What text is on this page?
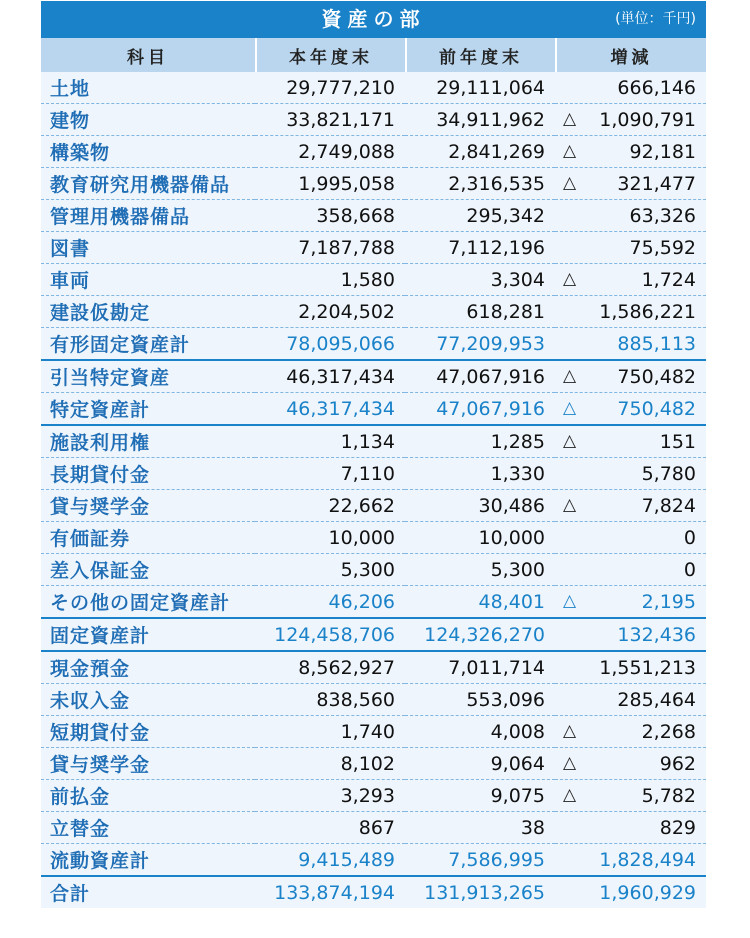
資産の部	(単位：千円)
科目	本年度末	前年度末	増減
土地	29,777,210	29,111,064	666,146
建物	33,821,171	34,911,962	△ 1,090,791
構築物	2,749,088	2,841,269	△ 92,181
教育研究用機器備品	1,995,058	2,316,535	△ 321,477
管理用機器備品	358,668	295,342	63,326
図書	7,187,788	7,112,196	75,592
車両	1,580	3,304	△ 1,724
建設仮勘定	2,204,502	618,281	1,586,221
有形固定資産計	78,095,066	77,209,953	885,113
引当特定資産	46,317,434	47,067,916	△ 750,482
特定資産計	46,317,434	47,067,916	△ 750,482
施設利用権	1,134	1,285	△ 151
長期貸付金	7,110	1,330	5,780
貸与奨学金	22,662	30,486	△ 7,824
有価証券	10,000	10,000	0
差入保証金	5,300	5,300	0
その他の固定資産計	46,206	48,401	△ 2,195
固定資産計	124,458,706	124,326,270	132,436
現金預金	8,562,927	7,011,714	1,551,213
未収入金	838,560	553,096	285,464
短期貸付金	1,740	4,008	△ 2,268
貸与奨学金	8,102	9,064	△ 962
前払金	3,293	9,075	△ 5,782
立替金	867	38	829
流動資産計	9,415,489	7,586,995	1,828,494
合計	133,874,194	131,913,265	1,960,929
